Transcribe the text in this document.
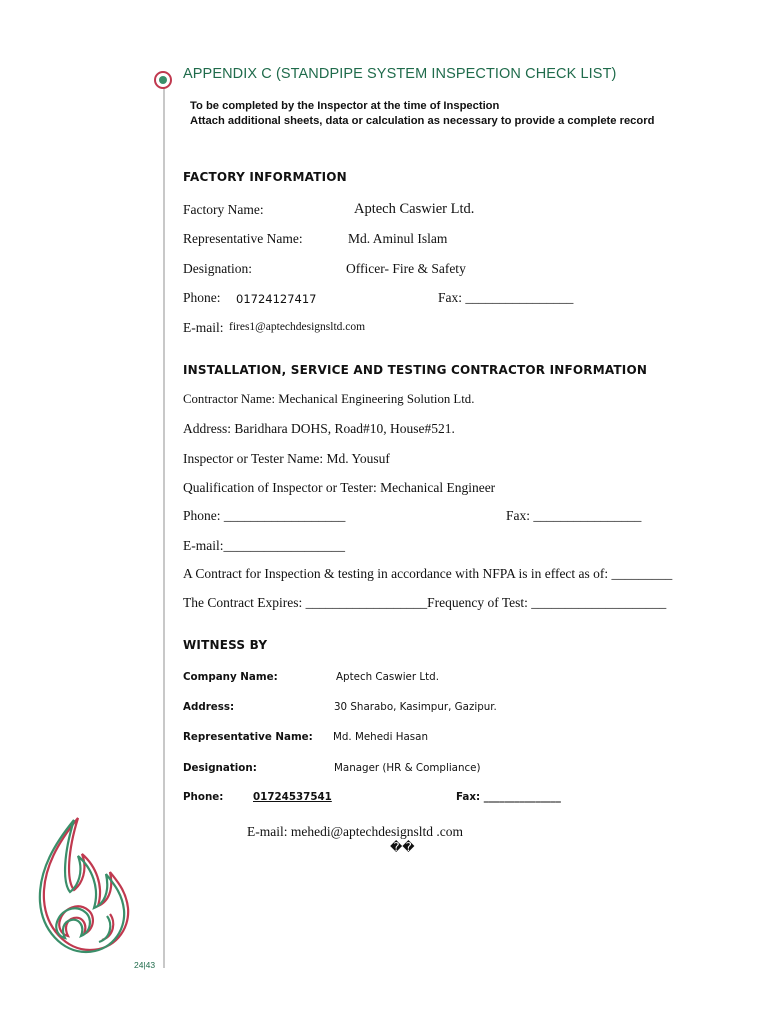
APPENDIX C (STANDPIPE SYSTEM INSPECTION CHECK LIST)
To be completed by the Inspector at the time of Inspection
Attach additional sheets, data or calculation as necessary to provide a complete record
FACTORY INFORMATION
Factory Name:	Aptech Caswier Ltd.
Representative Name:	Md. Aminul Islam
Designation:	Officer- Fire & Safety
Phone: 01724127417	Fax: ________________
E-mail: fires1@aptechdesignsltd.com
INSTALLATION, SERVICE AND TESTING CONTRACTOR INFORMATION
Contractor Name: Mechanical Engineering Solution Ltd.
Address: Baridhara DOHS, Road#10, House#521.
Inspector or Tester Name: Md. Yousuf
Qualification of Inspector or Tester: Mechanical Engineer
Phone: __________________	Fax: ________________
E-mail:__________________
A Contract for Inspection & testing in accordance with NFPA is in effect as of: _________
The Contract Expires: __________________Frequency of Test: ____________________
WITNESS BY
Company Name:	Aptech Caswier Ltd.
Address:	30 Sharabo, Kasimpur, Gazipur.
Representative Name: Md. Mehedi Hasan
Designation:	Manager (HR & Compliance)
Phone:	01724537541	Fax: _______________
E-mail: mehedi@aptechdesignsltd .com
��
24|43
